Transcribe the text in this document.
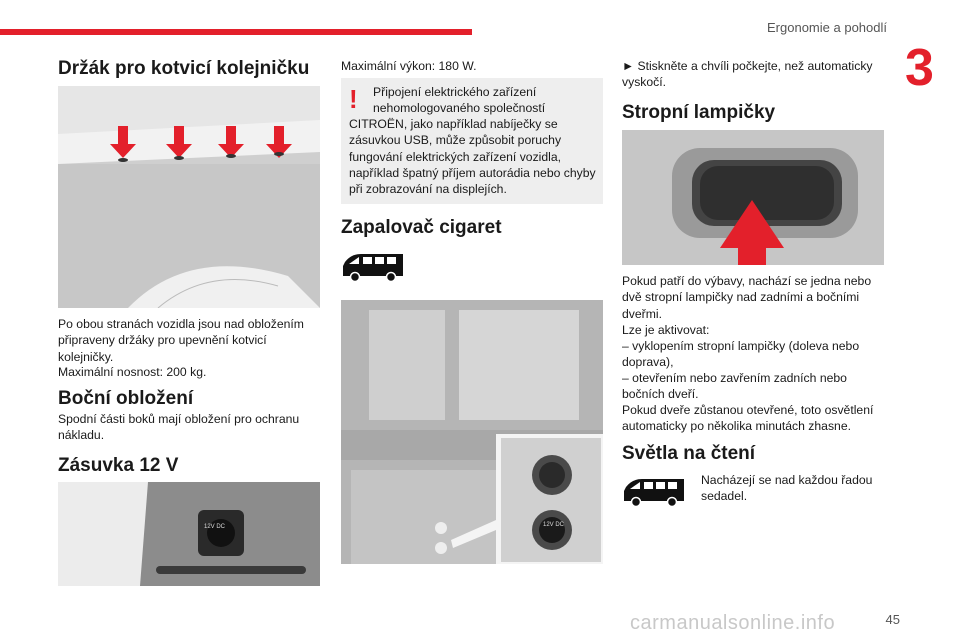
Ergonomie a pohodlí
3
Držák pro kotvicí kolejničku

Po obou stranách vozidla jsou nad obložením připraveny držáky pro upevnění kotvicí kolejničky.

Maximální nosnost: 200 kg.

Boční obložení

Spodní části boků mají obložení pro ochranu nákladu.

Zásuvka 12 V
12V DC

Maximální výkon: 180 W.

!	Připojení elektrického zařízení nehomologovaného společností

CITROËN, jako například nabíječky se zásuvkou USB, může způsobit poruchy fungování elektrických zařízení vozidla, například špatný příjem autorádia nebo chyby při zobrazování na displejích.

Zapalovač cigaret
12V DC

► Stiskněte a chvíli počkejte, než automaticky vyskočí.

Stropní lampičky

Pokud patří do výbavy, nachází se jedna nebo dvě stropní lampičky nad zadními a bočními dveřmi.

Lze je aktivovat:

– vyklopením stropní lampičky (doleva nebo doprava),

– otevřením nebo zavřením zadních nebo bočních dveří.

Pokud dveře zůstanou otevřené, toto osvětlení automaticky po několika minutách zhasne.

Světla na čtení

Nacházejí se nad každou řadou sedadel.

carmanualsonline.info	45
